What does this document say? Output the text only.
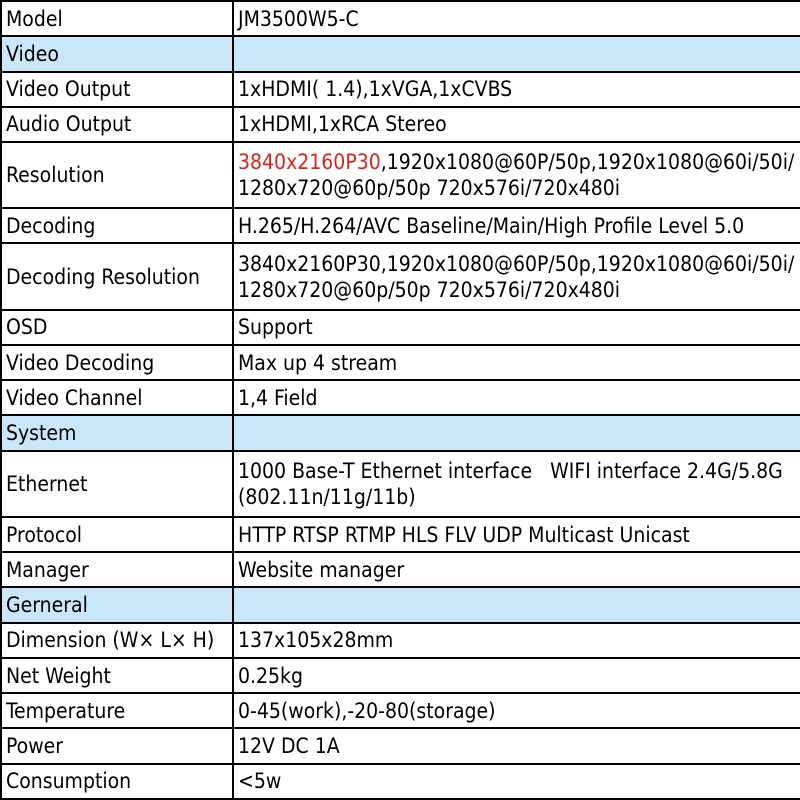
Model	JM3500W5-C
Video	
Video Output	1xHDMI( 1.4),1xVGA,1xCVBS
Audio Output	1xHDMI,1xRCA Stereo
Resolution	3840x2160P30,1920x1080@60P/50p,1920x1080@60i/50i/1280x720@60p/50p 720x576i/720x480i
Decoding	H.265/H.264/AVC Baseline/Main/High Profile Level 5.0
Decoding Resolution	3840x2160P30,1920x1080@60P/50p,1920x1080@60i/50i/1280x720@60p/50p 720x576i/720x480i
OSD	Support
Video Decoding	Max up 4 stream
Video Channel	1,4 Field
System	
Ethernet	1000 Base-T Ethernet interface   WIFI interface 2.4G/5.8G (802.11n/11g/11b)
Protocol	HTTP RTSP RTMP HLS FLV UDP Multicast Unicast
Manager	Website manager
Gerneral	
Dimension (W× L× H)	137x105x28mm
Net Weight	0.25kg
Temperature	0-45(work),-20-80(storage)
Power	12V DC 1A
Consumption	<5w
